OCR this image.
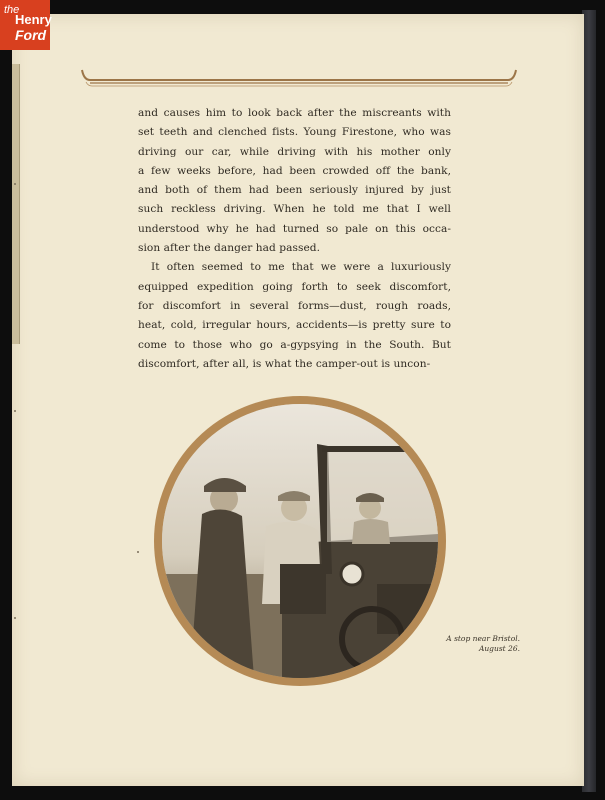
the
Henry
Ford

and causes him to look back after the miscreants with
set teeth and clenched fists. Young Firestone, who was
driving our car, while driving with his mother only
a few weeks before, had been crowded off the bank,
and both of them had been seriously injured by just
such reckless driving. When he told me that I well
understood why he had turned so pale on this occa-
sion after the danger had passed.

It often seemed to me that we were a luxuriously
equipped expedition going forth to seek discomfort,
for discomfort in several forms—dust, rough roads,
heat, cold, irregular hours, accidents—is pretty sure to
come to those who go a-gypsying in the South. But
discomfort, after all, is what the camper-out is uncon-

A stop near Bristol.
August 26.
